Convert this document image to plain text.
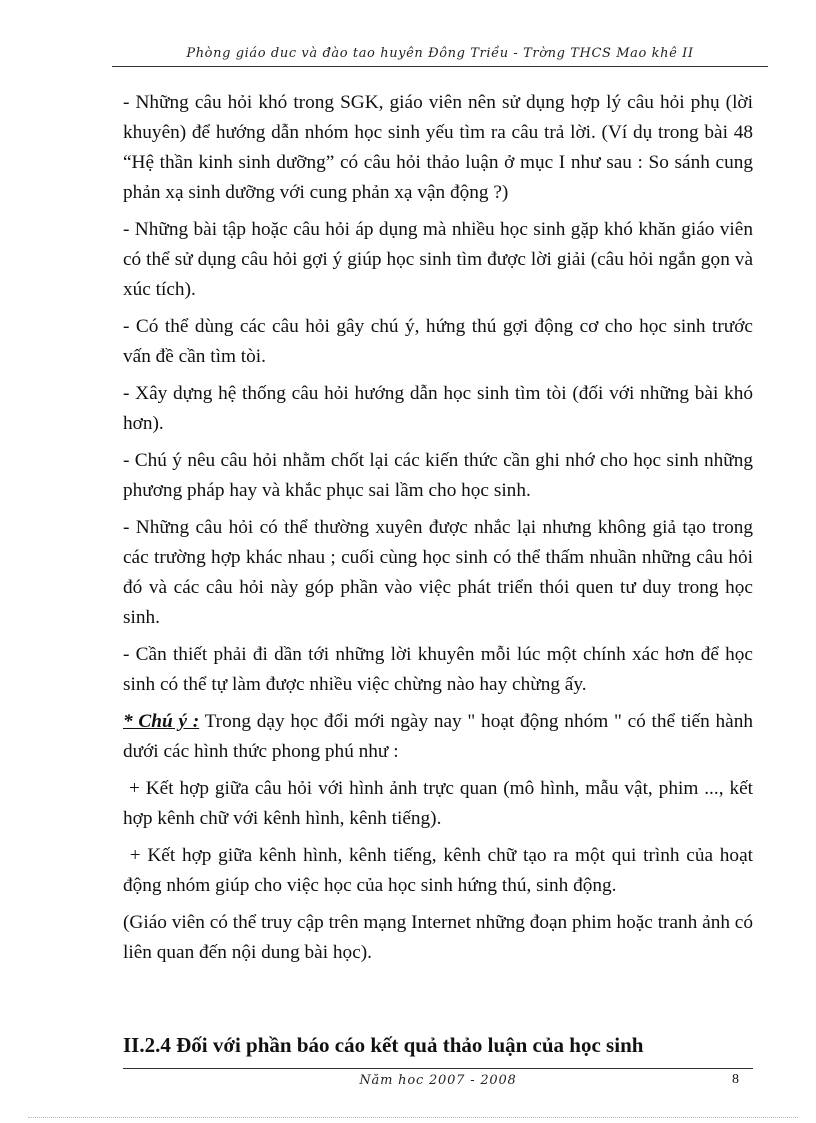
Phòng giáo duc và đào tao huyên Đông Triều - Trờng THCS Mao khê II

- Những câu hỏi khó trong SGK, giáo viên nên sử dụng hợp lý câu hỏi phụ (lời khuyên) để hướng dẫn nhóm học sinh yếu tìm ra câu trả lời. (Ví dụ trong bài 48 “Hệ thần kinh sinh dưỡng” có câu hỏi thảo luận ở mục I như sau : So sánh cung phản xạ sinh dưỡng với cung phản xạ vận động ?)

- Những bài tập hoặc câu hỏi áp dụng mà nhiều học sinh gặp khó khăn giáo viên có thể sử dụng câu hỏi gợi ý giúp học sinh tìm được lời giải (câu hỏi ngắn gọn và xúc tích).

- Có thể dùng các câu hỏi gây chú ý, hứng thú gợi động cơ cho học sinh trước vấn đề cần tìm tòi.

- Xây dựng hệ thống câu hỏi hướng dẫn học sinh tìm tòi (đối với những bài khó hơn).

- Chú ý nêu câu hỏi nhằm chốt lại các kiến thức cần ghi nhớ cho học sinh những phương pháp hay và khắc phục sai lầm cho học sinh.

- Những câu hỏi có thể thường xuyên được nhắc lại nhưng không giả tạo trong các trường hợp khác nhau ; cuối cùng học sinh có thể thấm nhuần những câu hỏi đó và các câu hỏi này góp phần vào việc phát triển thói quen tư duy trong học sinh.

- Cần thiết phải đi dần tới những lời khuyên mỗi lúc một chính xác hơn để học sinh có thể tự làm được nhiều việc chừng nào hay chừng ấy.

* Chú ý : Trong dạy học đổi mới ngày nay " hoạt động nhóm " có thể tiến hành dưới các hình thức phong phú như :

+ Kết hợp giữa câu hỏi với hình ảnh trực quan (mô hình, mẫu vật, phim ..., kết hợp kênh chữ với kênh hình, kênh tiếng).

+ Kết hợp giữa kênh hình, kênh tiếng, kênh chữ tạo ra một qui trình của hoạt động nhóm giúp cho việc học của học sinh hứng thú, sinh động.

(Giáo viên có thể truy cập trên mạng Internet những đoạn phim hoặc tranh ảnh có liên quan đến nội dung bài học).

II.2.4 Đối với phần báo cáo kết quả thảo luận của học sinh
Năm hoc 2007 - 2008	8
